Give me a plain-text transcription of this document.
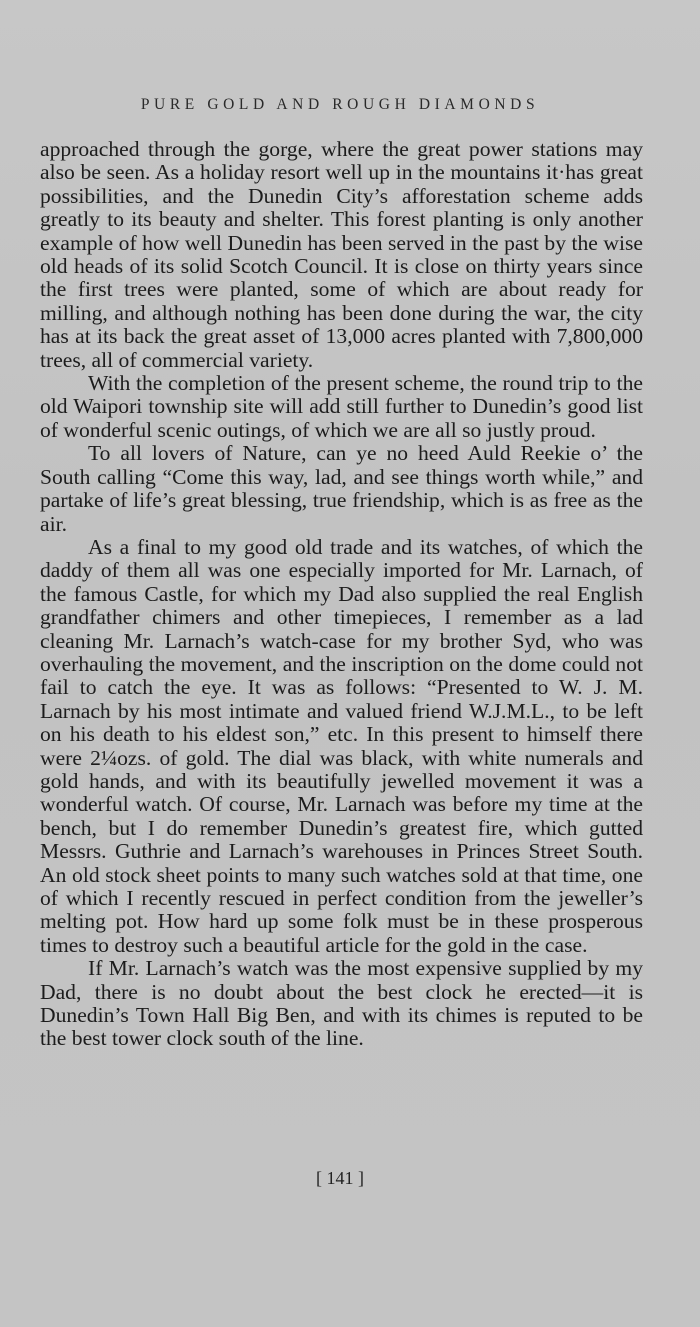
PURE GOLD AND ROUGH DIAMONDS

approached through the gorge, where the great power stations may also be seen. As a holiday resort well up in the mountains it·has great possibilities, and the Dunedin City’s afforestation scheme adds greatly to its beauty and shelter. This forest planting is only another example of how well Dunedin has been served in the past by the wise old heads of its solid Scotch Council. It is close on thirty years since the first trees were planted, some of which are about ready for milling, and although nothing has been done during the war, the city has at its back the great asset of 13,000 acres planted with 7,800,000 trees, all of commercial variety.

With the completion of the present scheme, the round trip to the old Waipori township site will add still further to Dunedin’s good list of wonderful scenic outings, of which we are all so justly proud.

To all lovers of Nature, can ye no heed Auld Reekie o’ the South calling “Come this way, lad, and see things worth while,” and partake of life’s great blessing, true friendship, which is as free as the air.

As a final to my good old trade and its watches, of which the daddy of them all was one especially imported for Mr. Larnach, of the famous Castle, for which my Dad also supplied the real English grandfather chimers and other timepieces, I remember as a lad cleaning Mr. Larnach’s watch-case for my brother Syd, who was overhauling the movement, and the inscription on the dome could not fail to catch the eye. It was as follows: “Presented to W. J. M. Larnach by his most intimate and valued friend W.J.M.L., to be left on his death to his eldest son,” etc. In this present to himself there were 2¼ozs. of gold. The dial was black, with white numerals and gold hands, and with its beautifully jewelled movement it was a wonderful watch. Of course, Mr. Larnach was before my time at the bench, but I do remember Dunedin’s greatest fire, which gutted Messrs. Guthrie and Larnach’s warehouses in Princes Street South. An old stock sheet points to many such watches sold at that time, one of which I recently rescued in perfect condition from the jeweller’s melting pot. How hard up some folk must be in these prosperous times to destroy such a beautiful article for the gold in the case.

If Mr. Larnach’s watch was the most expensive supplied by my Dad, there is no doubt about the best clock he erected—it is Dunedin’s Town Hall Big Ben, and with its chimes is reputed to be the best tower clock south of the line.

[ 141 ]
